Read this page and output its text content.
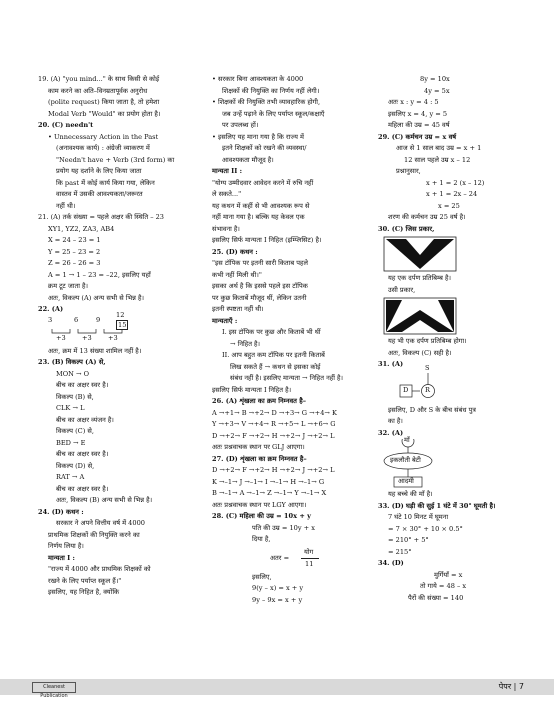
19. (A) "you mind..." के साथ किसी से कोई
काम करने का अति–विनम्रतापूर्वक अनुरोध
(polite request) किया जाता है, तो हमेशा
Modal Verb "Would" का प्रयोग होता है।
20. (C) needn't
• Unnecessary Action in the Past
(अनावश्यक कार्य) : अंग्रेजी व्याकरण में
"Needn't have + Verb (3rd form) का
प्रयोग यह दर्शाने के लिए किया जाता
कि past में कोई कार्य किया गया, लेकिन
वास्तव में उसकी आवश्यकता/जरूरत
नहीं थी।
21. (A) तर्क संख्या = पहले अक्षर की स्थिति – 23
XY1, YZ2, ZA3, AB4
X = 24 – 23 = 1
Y = 25 – 23 = 2
Z = 26 – 26 = 3
A = 1 → 1 – 23 = –22, इसलिए यहाँ
क्रम टूट जाता है।
अतः, विकल्प (A) अन्य सभी से भिन्न है।
22. (A)
3	6	9
12
15
+3 +3 +3
अतः, क्रम में 13 संख्या शामिल नहीं है।
23. (B) विकल्प (A) से,
MON → O
बीच का अक्षर स्वर है।
विकल्प (B) से,
CLK → L
बीच का अक्षर व्यंजन है।
विकल्प (C) से,
BED → E
बीच का अक्षर स्वर है।
विकल्प (D) से,
RAT → A
बीच का अक्षर स्वर है।
अतः, विकल्प (B) अन्य सभी से भिन्न है।
24. (D) कथन :
सरकार ने अपने वित्तीय वर्ष में 4000
प्राथमिक शिक्षकों की नियुक्ति करने का
निर्णय लिया है।
मान्यता I :
"राज्य में 4000 और प्राथमिक शिक्षकों को
रखने के लिए पर्याप्त स्कूल हैं।"
इसलिए, यह निहित है, क्योंकि
• सरकार बिना आवश्यकता के 4000
शिक्षकों की नियुक्ति का निर्णय नहीं लेगी।
• शिक्षकों की नियुक्ति तभी व्यावहारिक होगी,
जब उन्हें पढ़ाने के लिए पर्याप्त स्कूल/कक्षाएँ
पर उपलब्ध हों।
• इसलिए यह माना गया है कि राज्य में
इतने शिक्षकों को रखने की व्यवस्था/
आवश्यकता मौजूद है।
मान्यता II :
"योग्य उम्मीदवार आवेदन करने में रुचि नहीं
ले सकते..."
यह कथन में कहीं से भी आवश्यक रूप से
नहीं माना गया है। बल्कि यह केवल एक
संभावना है।
इसलिए सिर्फ मान्यता I निहित (इम्प्लिसिट) है।
25. (D) कथन :
"इस टॉपिक पर इतनी सारी किताब पहले
कभी नहीं मिली थी।"
इसका अर्थ है कि इससे पहले इस टॉपिक
पर कुछ किताबें मौजूद थीं, लेकिन उतनी
इतनी स्पष्टता नहीं थी।
मान्यताएँ :
I. इस टॉपिक पर कुछ और किताबें भी थीं
→ निहित है।
II. आप बहुत कम टॉपिक पर इतनी किताबें
लिख सकते हैं → कथन से इसका कोई
संबंध नहीं है। इसलिए मान्यता → निहित नहीं है।
इसलिए सिर्फ मान्यता I निहित है।
26. (A) शृंखला का क्रम निम्नवत है–
A →+1→ B →+2→ D →+3→ G →+4→ K
Y →+3→ V →+4→ R →+5→ L →+6→ G
D →+2→ F →+2→ H →+2→ J →+2→ L
अतः प्रश्नवाचक स्थान पर GLJ आएगा।
27. (D) शृंखला का क्रम निम्नवत है–
D →+2→ F →+2→ H →+2→ J →+2→ L
K →–1→ J →–1→ I →–1→ H →–1→ G
B →–1→ A →–1→ Z →–1→ Y →–1→ X
अतः प्रश्नवाचक स्थान पर LGY आएगा।
28. (C) महिला की उम्र = 10x + y
पति की उम्र = 10y + x
दिया है,
अतर =
योग
11
इसलिए,
9(y – x) = x + y
9y – 9x = x + y
8y = 10x
4y = 5x
अतः x : y = 4 : 5
इसलिए x = 4, y = 5
महिला की उम्र = 45 वर्ष
29. (C) कर्मचन उम्र = x वर्ष
आज से 1 साल बाद उम्र = x + 1
12 साल पहले उम्र x – 12
प्रश्नानुसार,
x + 1 = 2 (x – 12)
x + 1 = 2x – 24
x = 25
शरण की कर्मचन उम्र 25 वर्ष है।
30. (C) जिस प्रकार,
यह एक दर्पण प्रतिबिम्ब है।
उसी प्रकार,
यह भी एक दर्पण प्रतिबिम्ब होगा।
अतः, विकल्प (C) सही है।
31. (A)	S
D	R
इसलिए, D और S के बीच संबंध पुत्र
का है।
32. (A)
माँ
इकलौती बेटी
आदमी
यह बच्चे की माँ है।
33. (D) घड़ी की सुई 1 घंटे में 30° घूमती है।
7 घंटे 10 मिनट में घूमना
= 7 × 30° + 10 × 0.5°
= 210° + 5°
= 215°
34. (D)
मुर्गियाँ = x
तो गाये = 48 – x
पैरों की संख्या = 140
Cleanest Publication
पेपर | 7
